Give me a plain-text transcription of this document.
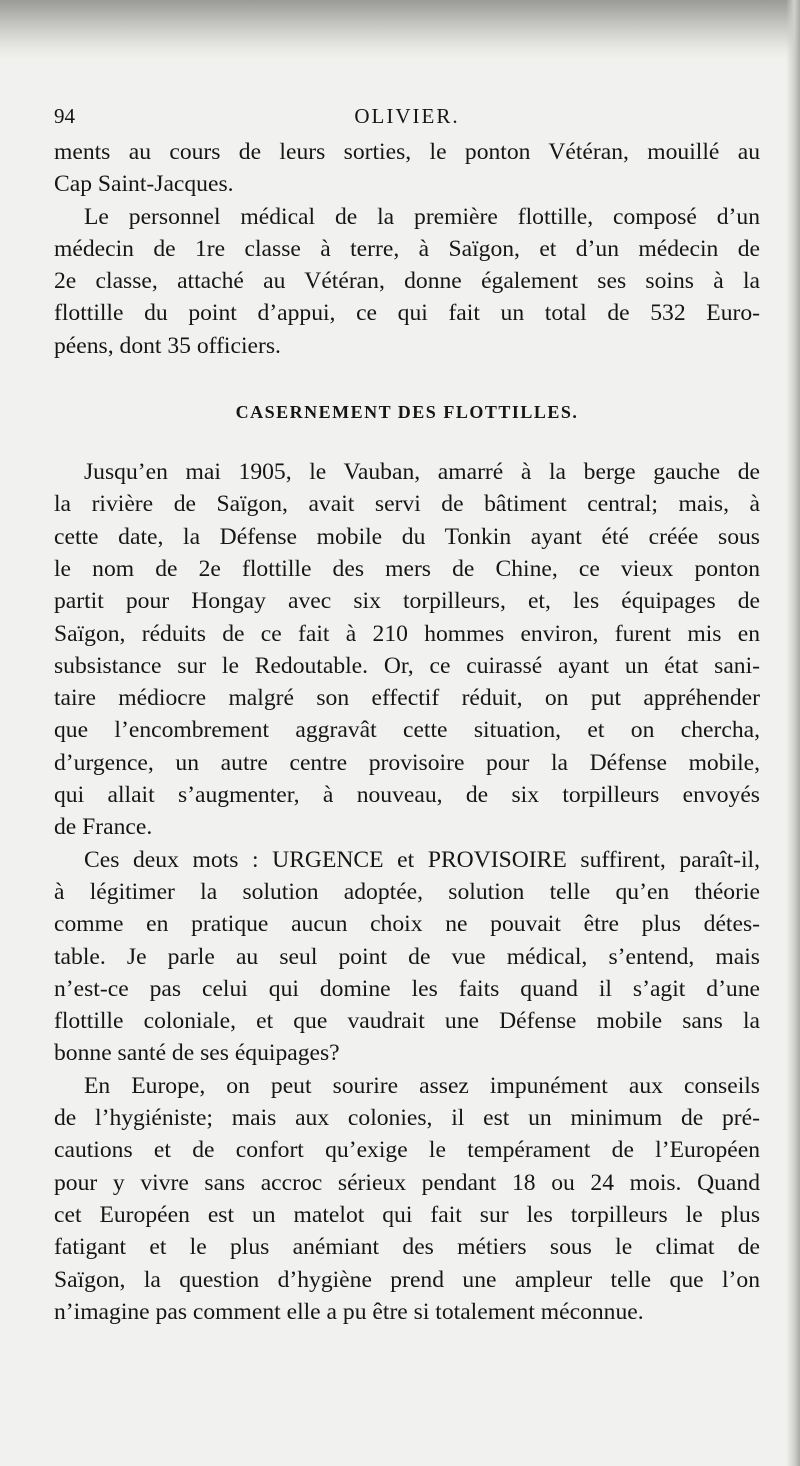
94	OLIVIER.

ments au cours de leurs sorties, le ponton Vétéran, mouillé au
Cap Saint-Jacques.

Le personnel médical de la première flottille, composé d’un
médecin de 1re classe à terre, à Saïgon, et d’un médecin de
2e classe, attaché au Vétéran, donne également ses soins à la
flottille du point d’appui, ce qui fait un total de 532 Euro-
péens, dont 35 officiers.

CASERNEMENT DES FLOTTILLES.

Jusqu’en mai 1905, le Vauban, amarré à la berge gauche de
la rivière de Saïgon, avait servi de bâtiment central; mais, à
cette date, la Défense mobile du Tonkin ayant été créée sous
le nom de 2e flottille des mers de Chine, ce vieux ponton
partit pour Hongay avec six torpilleurs, et, les équipages de
Saïgon, réduits de ce fait à 210 hommes environ, furent mis en
subsistance sur le Redoutable. Or, ce cuirassé ayant un état sani-
taire médiocre malgré son effectif réduit, on put appréhender
que l’encombrement aggravât cette situation, et on chercha,
d’urgence, un autre centre provisoire pour la Défense mobile,
qui allait s’augmenter, à nouveau, de six torpilleurs envoyés
de France.

Ces deux mots : URGENCE et PROVISOIRE suffirent, paraît-il,
à légitimer la solution adoptée, solution telle qu’en théorie
comme en pratique aucun choix ne pouvait être plus détes-
table. Je parle au seul point de vue médical, s’entend, mais
n’est-ce pas celui qui domine les faits quand il s’agit d’une
flottille coloniale, et que vaudrait une Défense mobile sans la
bonne santé de ses équipages?

En Europe, on peut sourire assez impunément aux conseils
de l’hygiéniste; mais aux colonies, il est un minimum de pré-
cautions et de confort qu’exige le tempérament de l’Européen
pour y vivre sans accroc sérieux pendant 18 ou 24 mois. Quand
cet Européen est un matelot qui fait sur les torpilleurs le plus
fatigant et le plus anémiant des métiers sous le climat de
Saïgon, la question d’hygiène prend une ampleur telle que l’on
n’imagine pas comment elle a pu être si totalement méconnue.
